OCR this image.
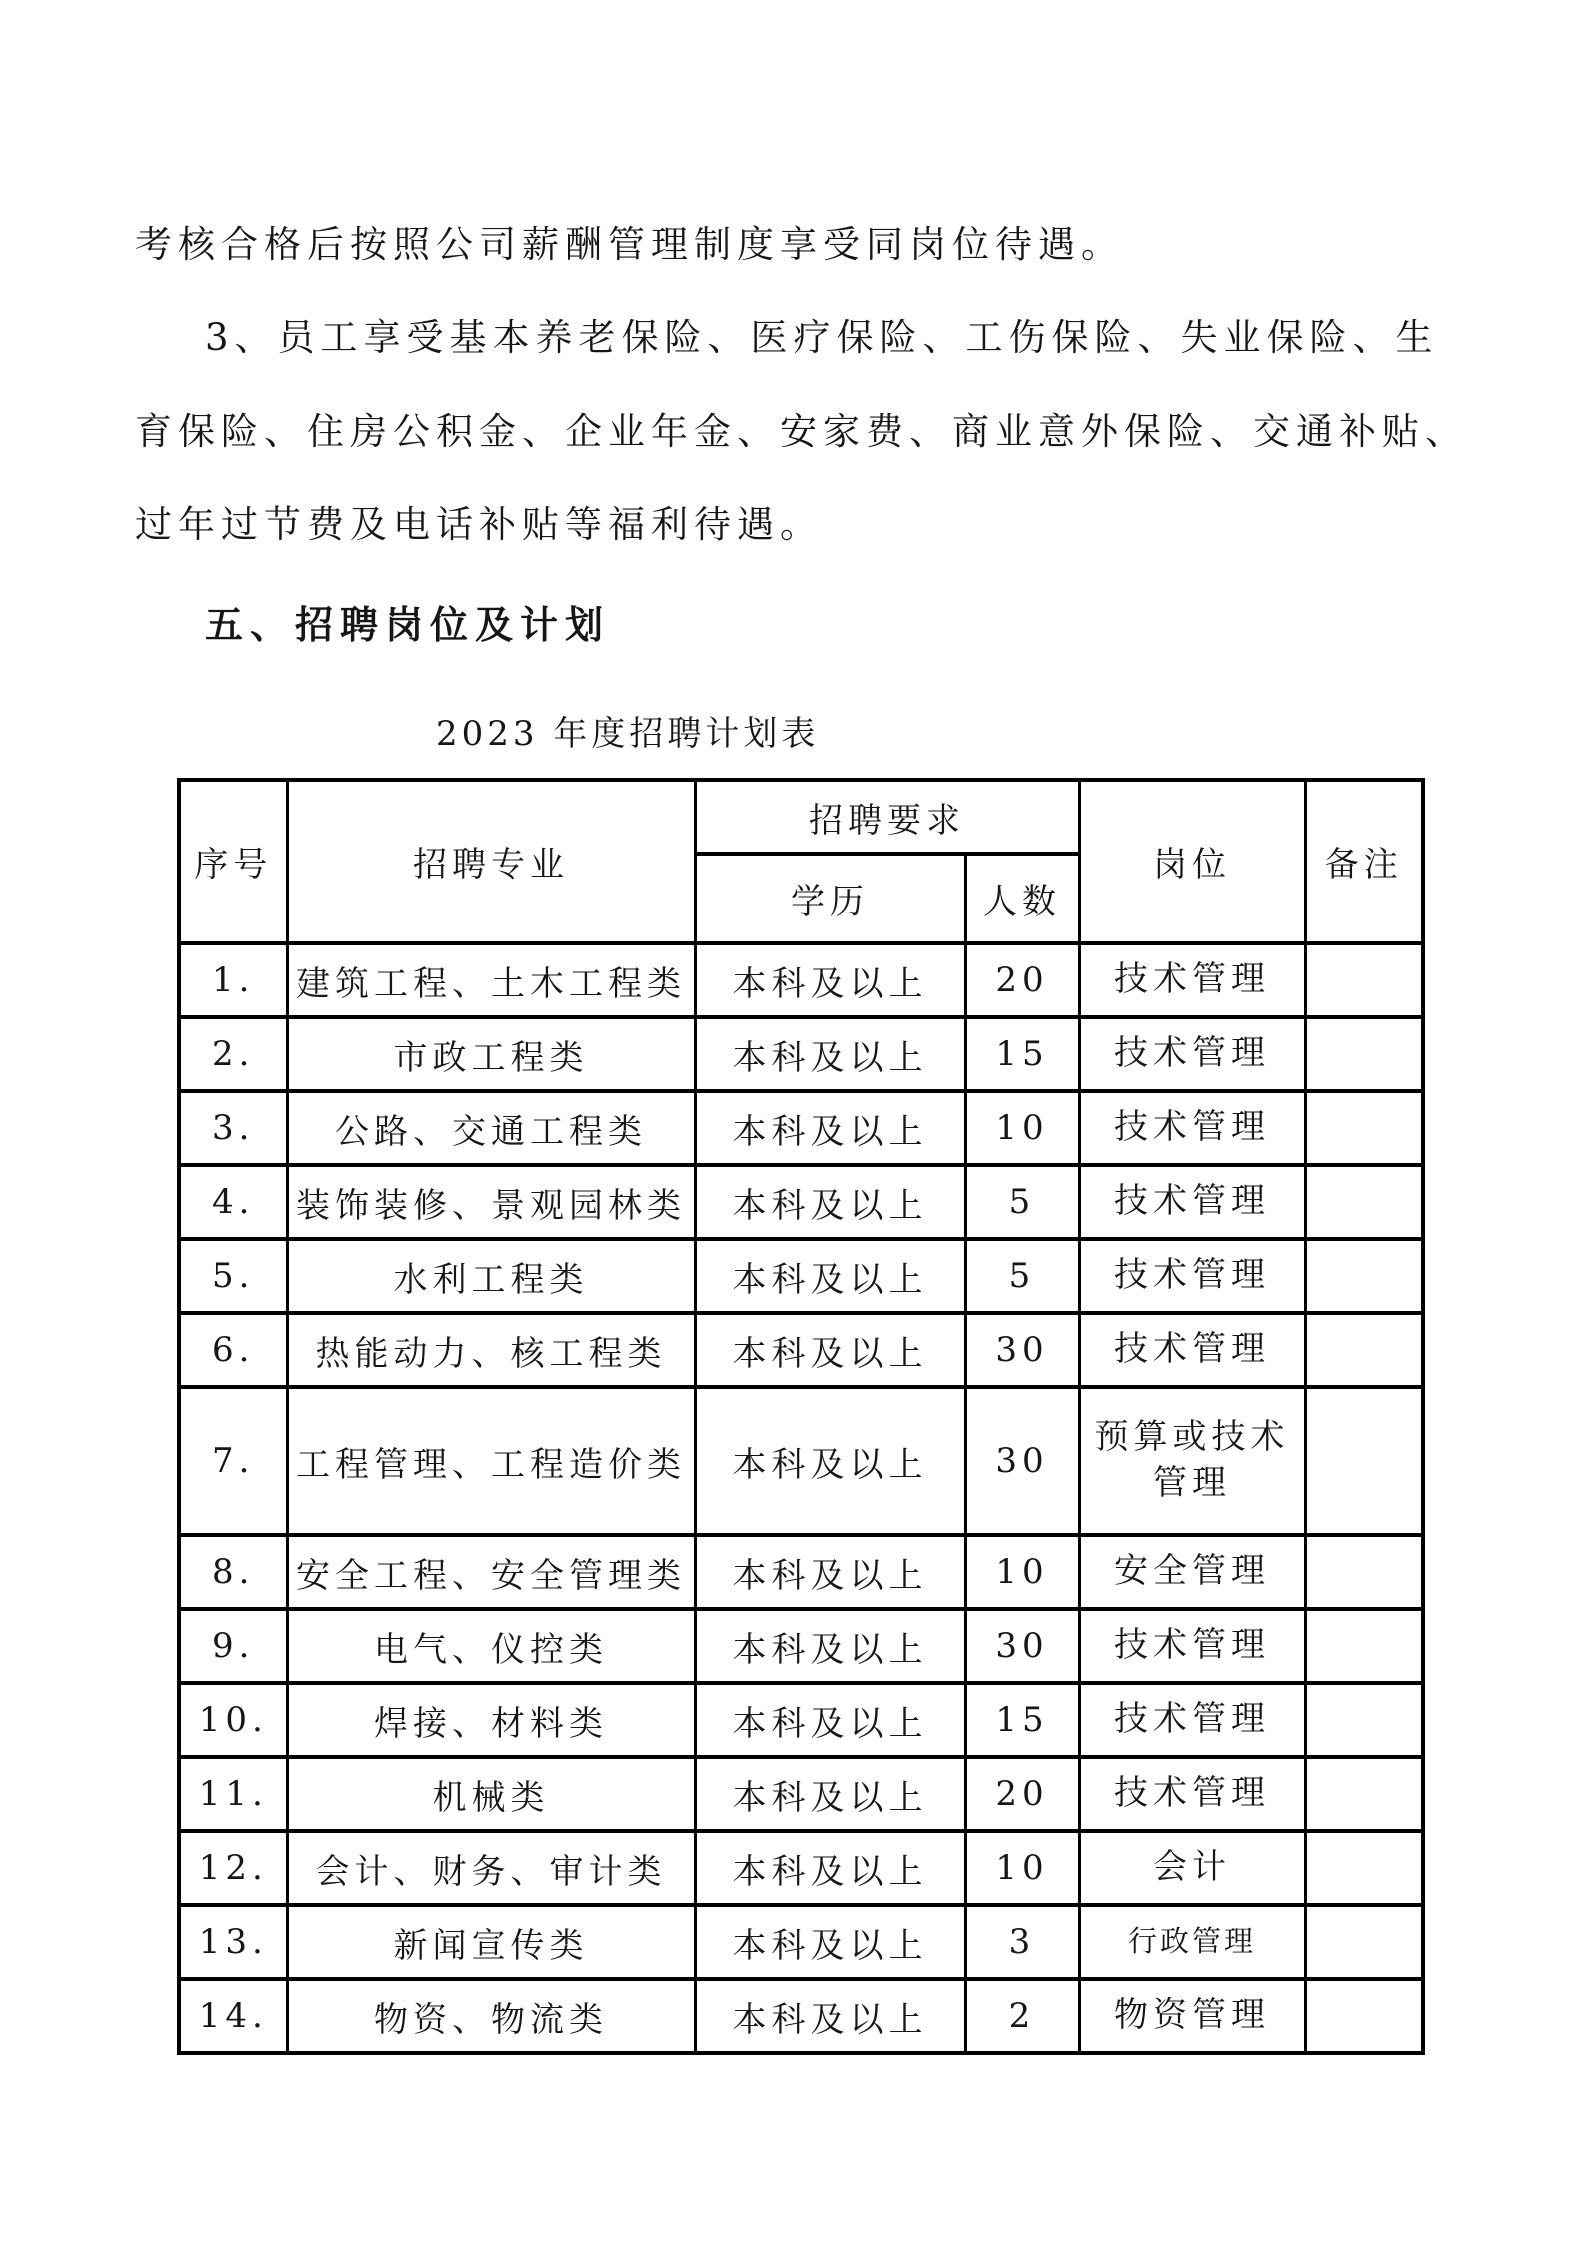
考核合格后按照公司薪酬管理制度享受同岗位待遇。
3、员工享受基本养老保险、医疗保险、工伤保险、失业保险、生
育保险、住房公积金、企业年金、安家费、商业意外保险、交通补贴、
过年过节费及电话补贴等福利待遇。
五、招聘岗位及计划
2023 年度招聘计划表
序号	招聘专业	招聘要求		岗位	备注
		学历	人数		
1.	建筑工程、土木工程类	本科及以上	20	技术管理	
2.	市政工程类	本科及以上	15	技术管理	
3.	公路、交通工程类	本科及以上	10	技术管理	
4.	装饰装修、景观园林类	本科及以上	5	技术管理	
5.	水利工程类	本科及以上	5	技术管理	
6.	热能动力、核工程类	本科及以上	30	技术管理	
7.	工程管理、工程造价类	本科及以上	30	预算或技术管理	
8.	安全工程、安全管理类	本科及以上	10	安全管理	
9.	电气、仪控类	本科及以上	30	技术管理	
10.	焊接、材料类	本科及以上	15	技术管理	
11.	机械类	本科及以上	20	技术管理	
12.	会计、财务、审计类	本科及以上	10	会计	
13.	新闻宣传类	本科及以上	3	行政管理	
14.	物资、物流类	本科及以上	2	物资管理	
